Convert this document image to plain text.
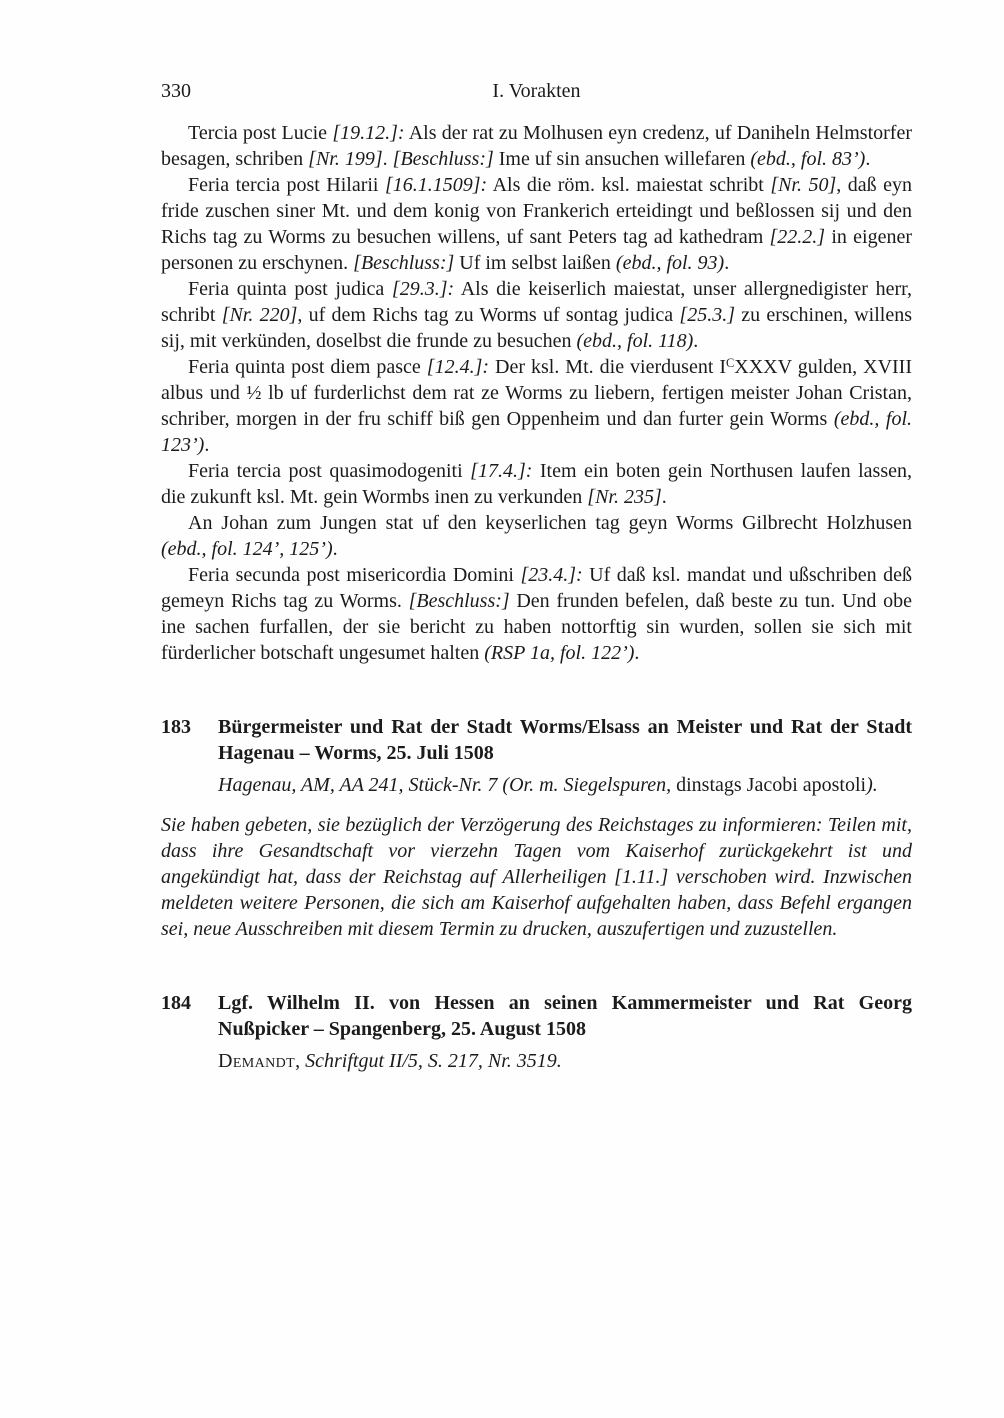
330	I. Vorakten

Tercia post Lucie [19.12.]: Als der rat zu Molhusen eyn credenz, uf Daniheln Helmstorfer besagen, schriben [Nr. 199]. [Beschluss:] Ime uf sin ansuchen willefaren (ebd., fol. 83’).

Feria tercia post Hilarii [16.1.1509]: Als die röm. ksl. maiestat schribt [Nr. 50], daß eyn fride zuschen siner Mt. und dem konig von Frankerich erteidingt und beßlossen sij und den Richs tag zu Worms zu besuchen willens, uf sant Peters tag ad kathedram [22.2.] in eigener personen zu erschynen. [Beschluss:] Uf im selbst laißen (ebd., fol. 93).

Feria quinta post judica [29.3.]: Als die keiserlich maiestat, unser allergnedigister herr, schribt [Nr. 220], uf dem Richs tag zu Worms uf sontag judica [25.3.] zu erschinen, willens sij, mit verkünden, doselbst die frunde zu besuchen (ebd., fol. 118).

Feria quinta post diem pasce [12.4.]: Der ksl. Mt. die vierdusent $I^CXXXV$ gulden, XVIII albus und ½ lb uf furderlichst dem rat ze Worms zu liebern, fertigen meister Johan Cristan, schriber, morgen in der fru schiff biß gen Oppenheim und dan furter gein Worms (ebd., fol. 123’).

Feria tercia post quasimodogeniti [17.4.]: Item ein boten gein Northusen laufen lassen, die zukunft ksl. Mt. gein Wormbs inen zu verkunden [Nr. 235].

An Johan zum Jungen stat uf den keyserlichen tag geyn Worms Gilbrecht Holzhusen (ebd., fol. 124’, 125’).

Feria secunda post misericordia Domini [23.4.]: Uf daß ksl. mandat und ußschriben deß gemeyn Richs tag zu Worms. [Beschluss:] Den frunden befelen, daß beste zu tun. Und obe ine sachen furfallen, der sie bericht zu haben nottorftig sin wurden, sollen sie sich mit fürderlicher botschaft ungesumet halten (RSP 1a, fol. 122’).

183	Bürgermeister und Rat der Stadt Worms/Elsass an Meister und Rat der Stadt Hagenau – Worms, 25. Juli 1508

Hagenau, AM, AA 241, Stück-Nr. 7 (Or. m. Siegelspuren, dinstags Jacobi apostoli).

Sie haben gebeten, sie bezüglich der Verzögerung des Reichstages zu informieren: Teilen mit, dass ihre Gesandtschaft vor vierzehn Tagen vom Kaiserhof zurückgekehrt ist und angekündigt hat, dass der Reichstag auf Allerheiligen [1.11.] verschoben wird. Inzwischen meldeten weitere Personen, die sich am Kaiserhof aufgehalten haben, dass Befehl ergangen sei, neue Ausschreiben mit diesem Termin zu drucken, auszufertigen und zuzustellen.

184	Lgf. Wilhelm II. von Hessen an seinen Kammermeister und Rat Georg Nußpicker – Spangenberg, 25. August 1508

Demandt, Schriftgut II/5, S. 217, Nr. 3519.
